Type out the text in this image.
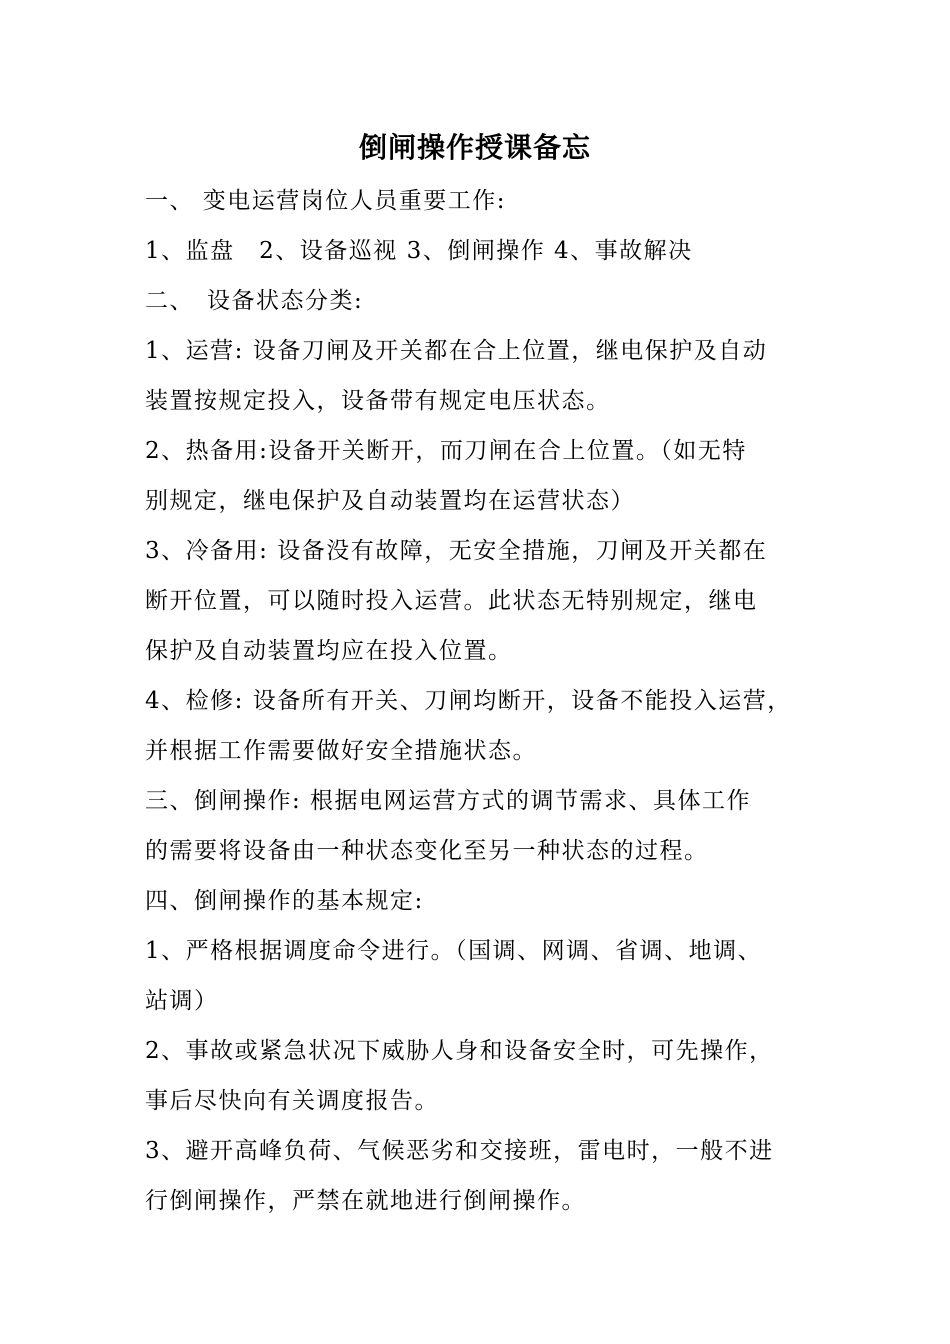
倒闸操作授课备忘
一、 变电运营岗位人员重要工作:
1、监盘　2、设备巡视 3、倒闸操作 4、事故解决
二、　设备状态分类:
1、运营: 设备刀闸及开关都在合上位置，继电保护及自动
装置按规定投入，设备带有规定电压状态。
2、热备用:设备开关断开，而刀闸在合上位置。（如无特
别规定，继电保护及自动装置均在运营状态）
3、冷备用: 设备没有故障，无安全措施，刀闸及开关都在
断开位置，可以随时投入运营。此状态无特别规定，继电
保护及自动装置均应在投入位置。
4、检修: 设备所有开关、刀闸均断开，设备不能投入运营，
并根据工作需要做好安全措施状态。
三、倒闸操作: 根据电网运营方式的调节需求、具体工作
的需要将设备由一种状态变化至另一种状态的过程。
四、倒闸操作的基本规定:
1、严格根据调度命令进行。（国调、网调、省调、地调、
站调）
2、事故或紧急状况下威胁人身和设备安全时，可先操作，
事后尽快向有关调度报告。
3、避开高峰负荷、气候恶劣和交接班，雷电时，一般不进
行倒闸操作，严禁在就地进行倒闸操作。
